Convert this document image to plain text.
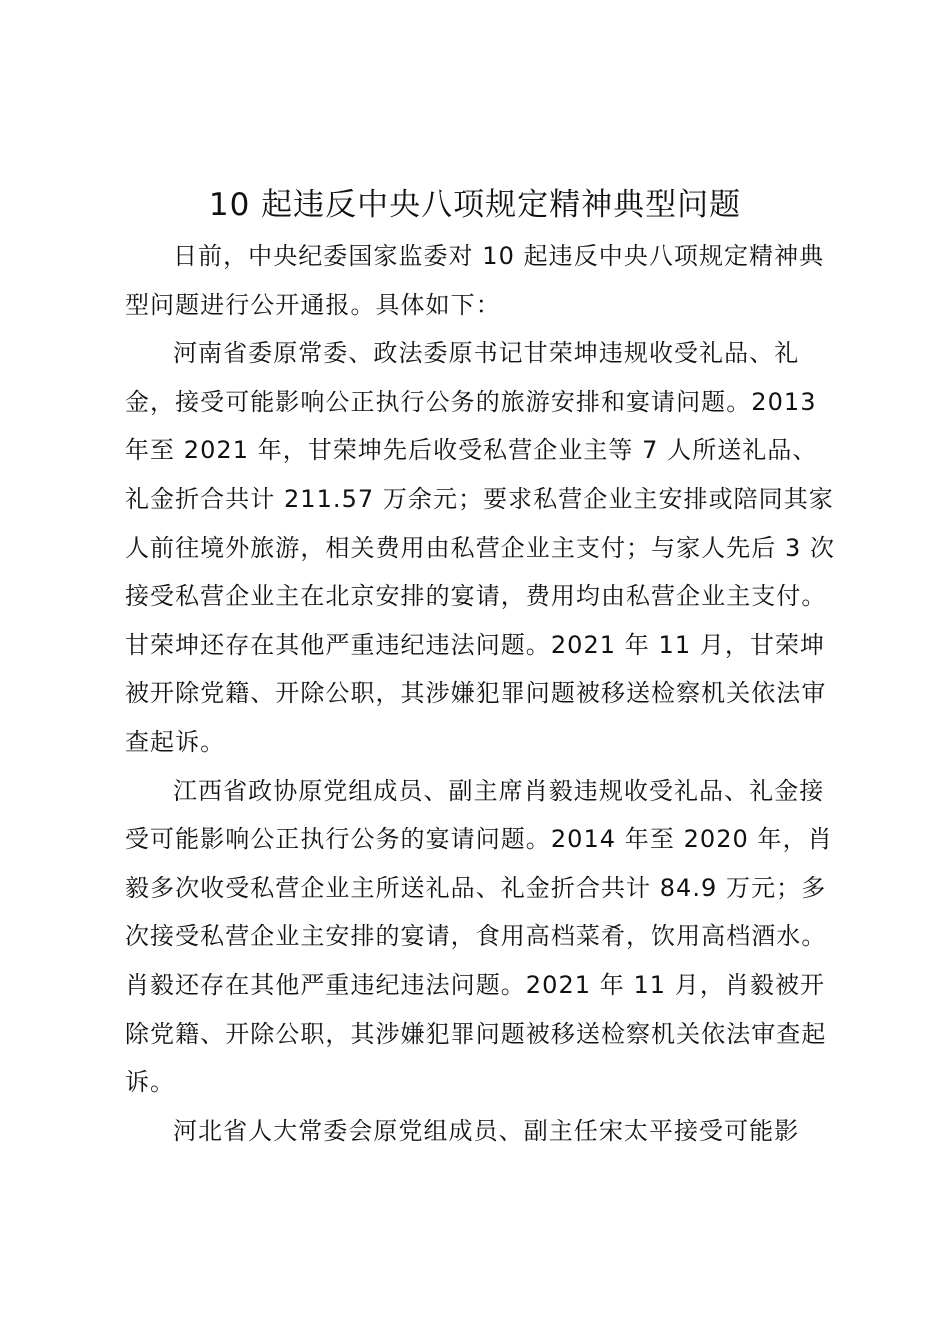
10 起违反中央八项规定精神典型问题

日前，中央纪委国家监委对 10 起违反中央八项规定精神典型问题进行公开通报。具体如下：

河南省委原常委、政法委原书记甘荣坤违规收受礼品、礼金，接受可能影响公正执行公务的旅游安排和宴请问题。2013 年至 2021 年，甘荣坤先后收受私营企业主等 7 人所送礼品、礼金折合共计 211.57 万余元；要求私营企业主安排或陪同其家人前往境外旅游，相关费用由私营企业主支付；与家人先后 3 次接受私营企业主在北京安排的宴请，费用均由私营企业主支付。甘荣坤还存在其他严重违纪违法问题。2021 年 11 月，甘荣坤被开除党籍、开除公职，其涉嫌犯罪问题被移送检察机关依法审查起诉。

江西省政协原党组成员、副主席肖毅违规收受礼品、礼金接受可能影响公正执行公务的宴请问题。2014 年至 2020 年，肖毅多次收受私营企业主所送礼品、礼金折合共计 84.9 万元；多次接受私营企业主安排的宴请，食用高档菜肴，饮用高档酒水。肖毅还存在其他严重违纪违法问题。2021 年 11 月，肖毅被开除党籍、开除公职，其涉嫌犯罪问题被移送检察机关依法审查起诉。

河北省人大常委会原党组成员、副主任宋太平接受可能影
